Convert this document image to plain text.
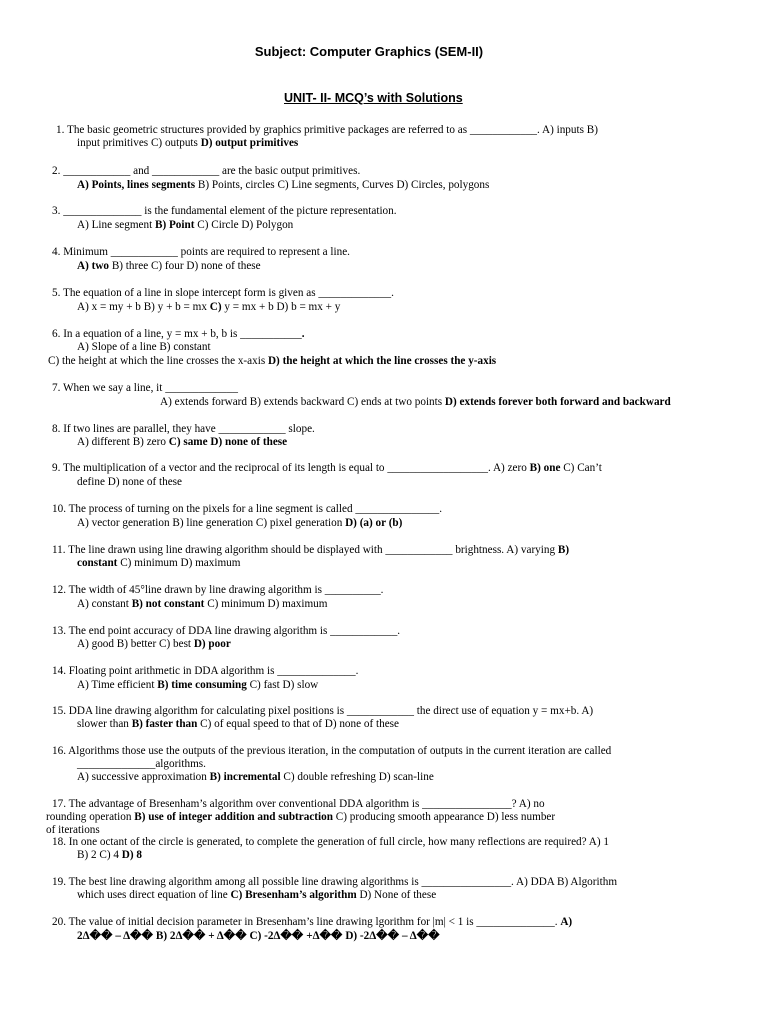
Subject: Computer Graphics (SEM-II)
UNIT- II- MCQ’s with Solutions
1. The basic geometric structures provided by graphics primitive packages are referred to as ____________. A) inputs B)
input primitives C) outputs D) output primitives
2. ____________ and ____________ are the basic output primitives.
A) Points, lines segments B) Points, circles C) Line segments, Curves D) Circles, polygons
3. ______________ is the fundamental element of the picture representation.
A) Line segment B) Point C) Circle D) Polygon
4. Minimum ____________ points are required to represent a line.
A) two B) three C) four D) none of these
5. The equation of a line in slope intercept form is given as _____________.
A) x = my + b B) y + b = mx C) y = mx + b D) b = mx + y
6. In a equation of a line, y = mx + b, b is ___________.
A) Slope of a line B) constant
C) the height at which the line crosses the x-axis D) the height at which the line crosses the y-axis
7. When we say a line, it _____________
A) extends forward B) extends backward C) ends at two points D) extends forever both forward and backward
8. If two lines are parallel, they have ____________ slope.
A) different B) zero C) same D) none of these
9. The multiplication of a vector and the reciprocal of its length is equal to __________________. A) zero B) one C) Can’t
define D) none of these
10. The process of turning on the pixels for a line segment is called _______________.
A) vector generation B) line generation C) pixel generation D) (a) or (b)
11. The line drawn using line drawing algorithm should be displayed with ____________ brightness. A) varying B)
constant C) minimum D) maximum
12. The width of 45°line drawn by line drawing algorithm is __________.
A) constant B) not constant C) minimum D) maximum
13. The end point accuracy of DDA line drawing algorithm is ____________.
A) good B) better C) best D) poor
14. Floating point arithmetic in DDA algorithm is ______________.
A) Time efficient B) time consuming C) fast D) slow
15. DDA line drawing algorithm for calculating pixel positions is ____________ the direct use of equation y = mx+b. A)
slower than B) faster than C) of equal speed to that of D) none of these
16. Algorithms those use the outputs of the previous iteration, in the computation of outputs in the current iteration are called
______________algorithms.
A) successive approximation B) incremental C) double refreshing D) scan-line
17. The advantage of Bresenham’s algorithm over conventional DDA algorithm is ________________? A) no
rounding operation B) use of integer addition and subtraction C) producing smooth appearance D) less number
of iterations
18. In one octant of the circle is generated, to complete the generation of full circle, how many reflections are required? A) 1
B) 2 C) 4 D) 8
19. The best line drawing algorithm among all possible line drawing algorithms is ________________. A) DDA B) Algorithm
which uses direct equation of line C) Bresenham’s algorithm D) None of these
20. The value of initial decision parameter in Bresenham’s line drawing lgorithm for |m| < 1 is ______________. A)
2Δ�� – Δ�� B) 2Δ�� + Δ�� C) -2Δ�� +Δ�� D) -2Δ�� – Δ��
